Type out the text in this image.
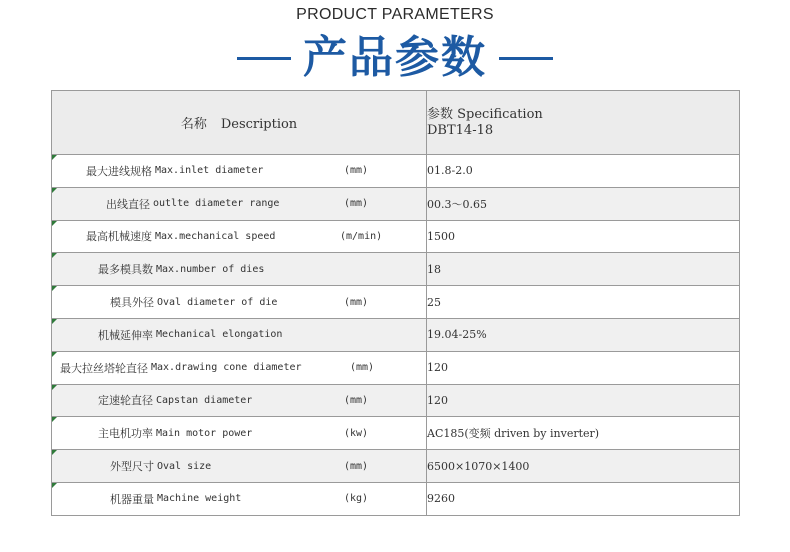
PRODUCT PARAMETERS
产品参数
名称 Description	参数 Specification
DBT14-18

最大进线规格 Max.inlet diameter (mm)	01.8-2.0

出线直径 outlte diameter range (mm)	00.3～0.65

最高机械速度 Max.mechanical speed (m/min)	1500

最多模具数 Max.number of dies	18

模具外径 Oval diameter of die (mm)	25

机械延伸率 Mechanical elongation	19.04-25%

最大拉丝塔轮直径 Max.drawing cone diameter (mm)	120

定速轮直径 Capstan diameter (mm)	120

主电机功率 Main motor power (kw)	AC185(变频 driven by inverter)

外型尺寸 Oval size (mm)	6500×1070×1400

机器重量 Machine weight (kg)	9260
